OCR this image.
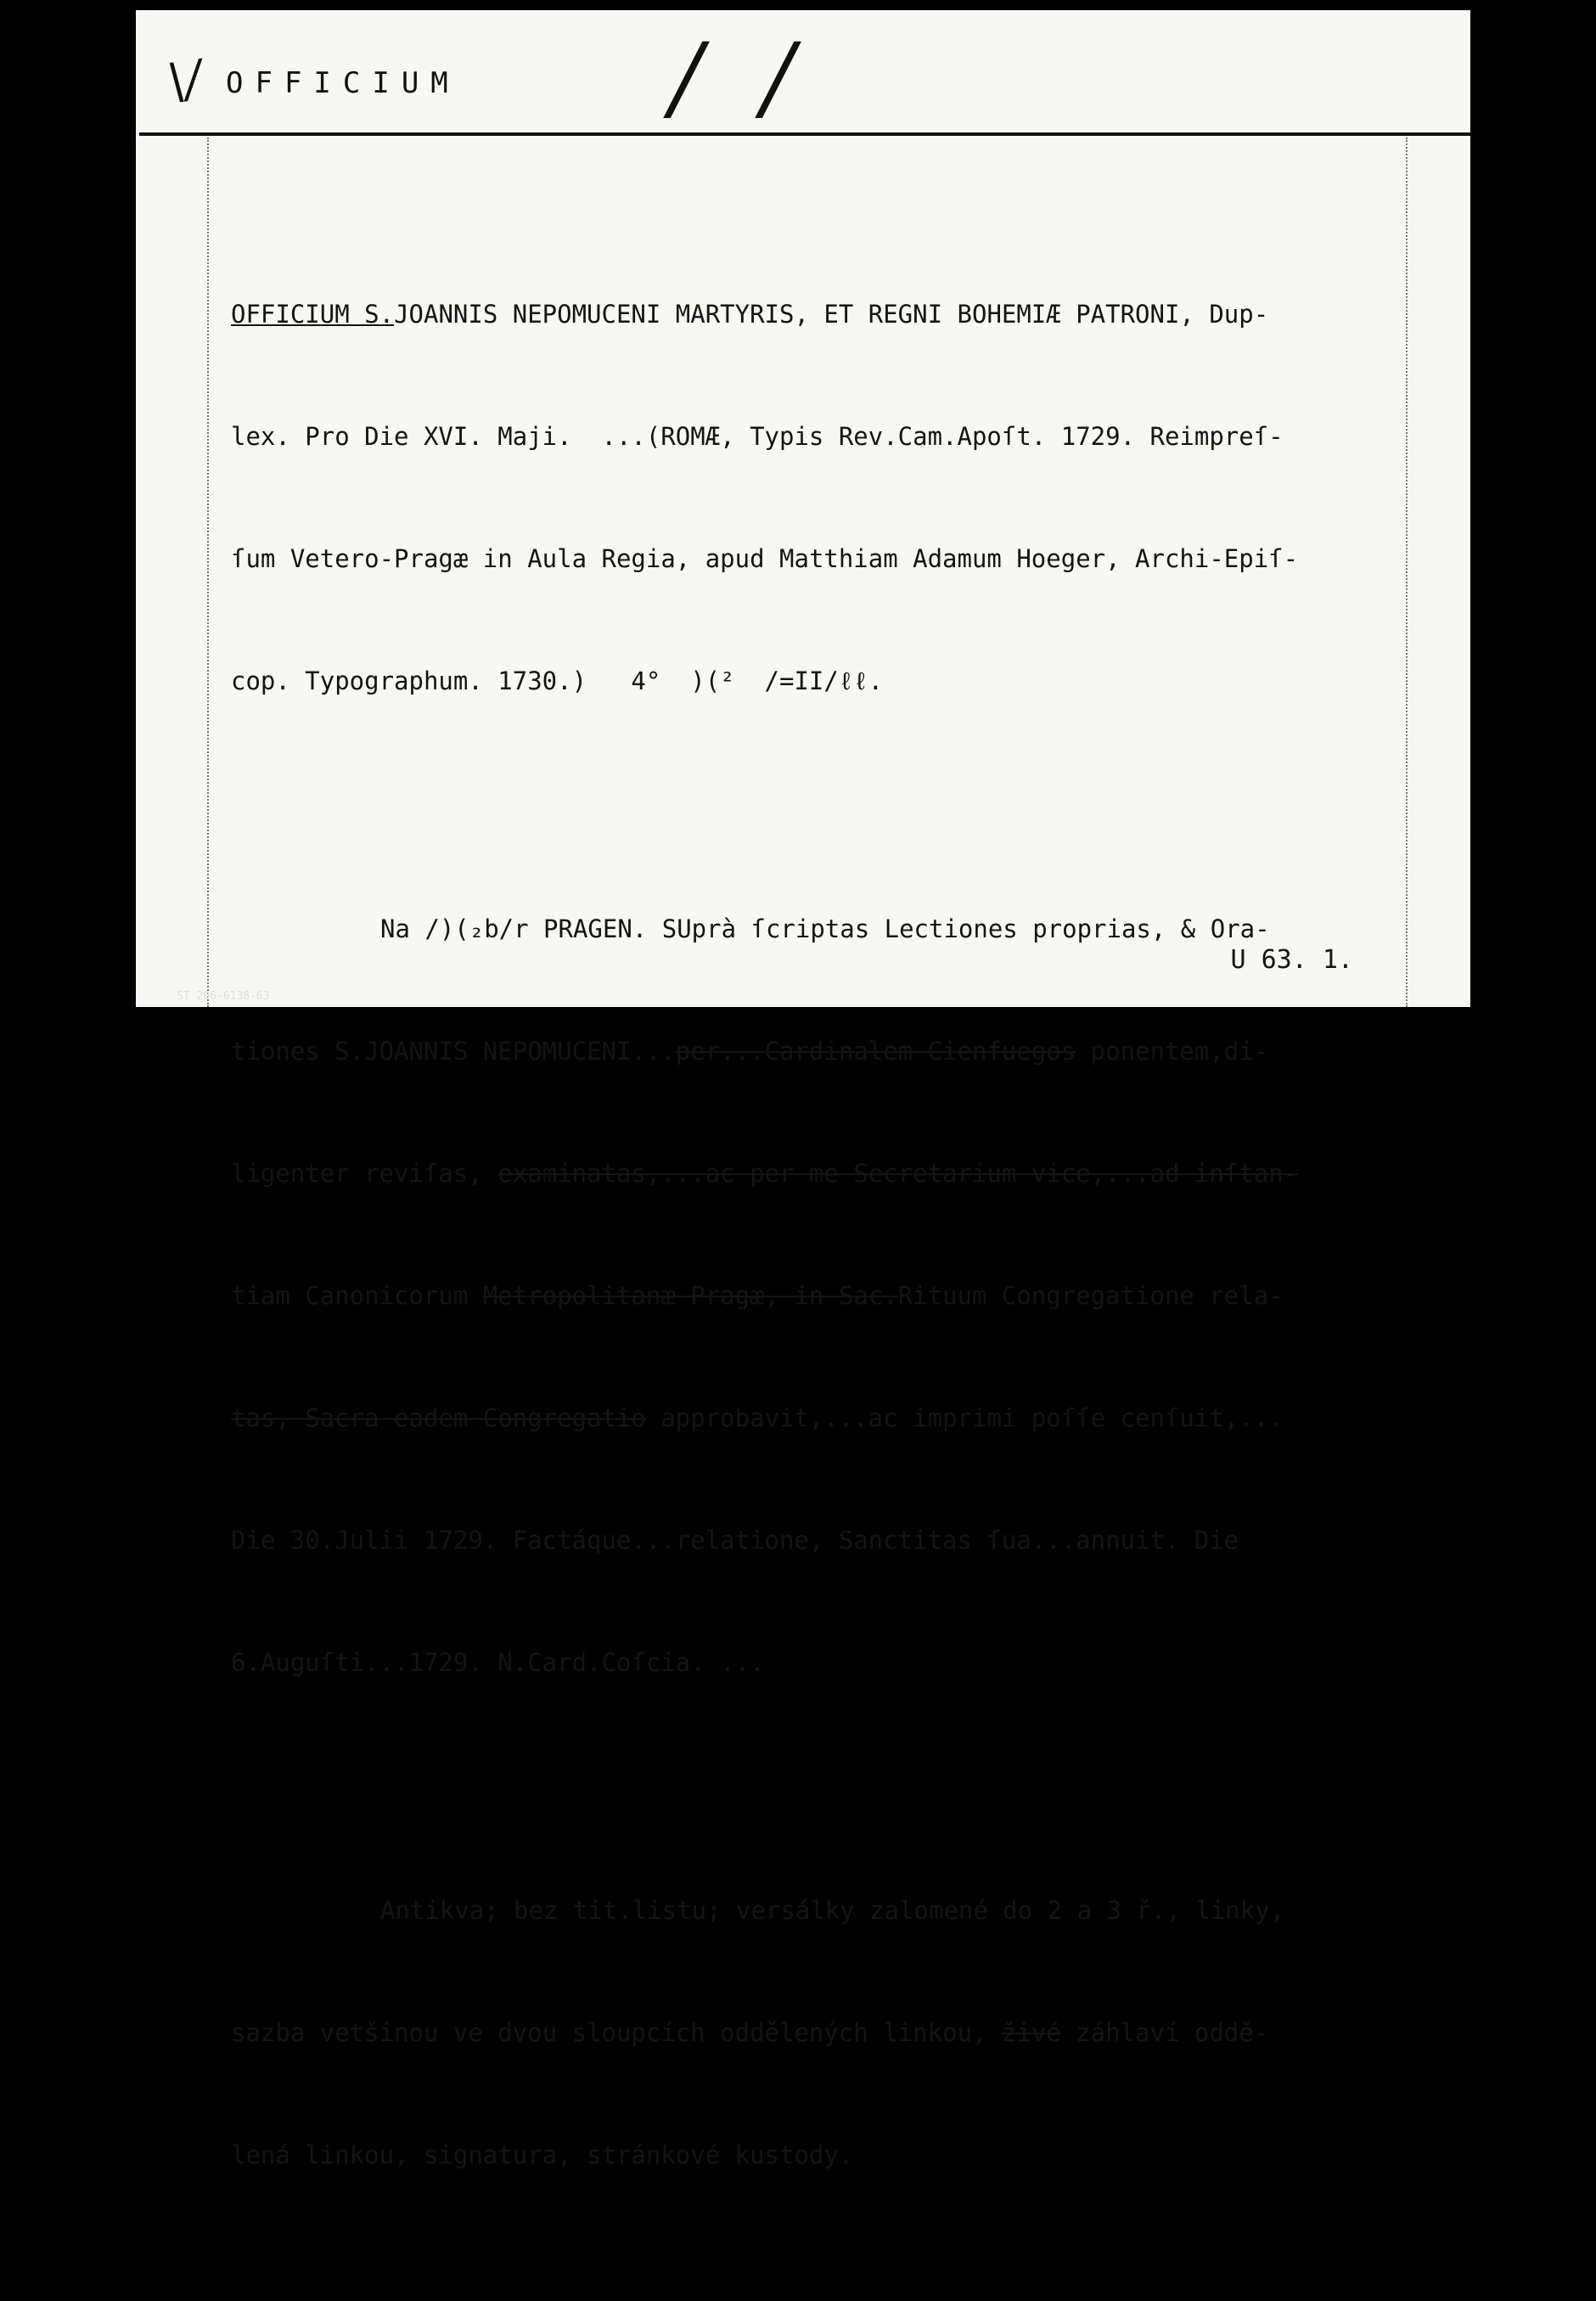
\/ OFFICIUM / /

OFFICIUM S.JOANNIS NEPOMUCENI MARTYRIS, ET REGNI BOHEMIÆ PATRONI, Dup-

lex. Pro Die XVI. Maji.  ...(ROMÆ, Typis Rev.Cam.Apoſt. 1729. Reimpreſ-

ſum Vetero-Pragæ in Aula Regia, apud Matthiam Adamum Hoeger, Archi-Epiſ-

cop. Typographum. 1730.)   4°  )(²  /=II/ℓℓ.

Na /)(₂b/r PRAGEN. SUprà ſcriptas Lectiones proprias, & Ora-

tiones S.JOANNIS NEPOMUCENI...per...Cardinalem Cienfuegos ponentem,di-

ligenter reviſas, examinatas,...ac per me Secretarium vice,...ad inſtan-

tiam Canonicorum Metropolitanæ Pragæ, in Sac.Rituum Congregatione rela-

tas, Sacra eadem Congregatio approbavit,...ac imprimi poſſe cenſuit,...

Die 30.Julii 1729. Factáque...relatione, Sanctitas ſua...annuit. Die

6.Auguſti...1729. N.Card.Coſcia. ...

Antikva; bez tit.listu; versálky zalomené do 2 a 3 ř., linky,

sazba vetšinou ve dvou sloupcích oddělených linkou, živé záhlaví oddě-

lená linkou, signatura, stránkové kustody.

U 63. 1.
ST 206-6138-63
